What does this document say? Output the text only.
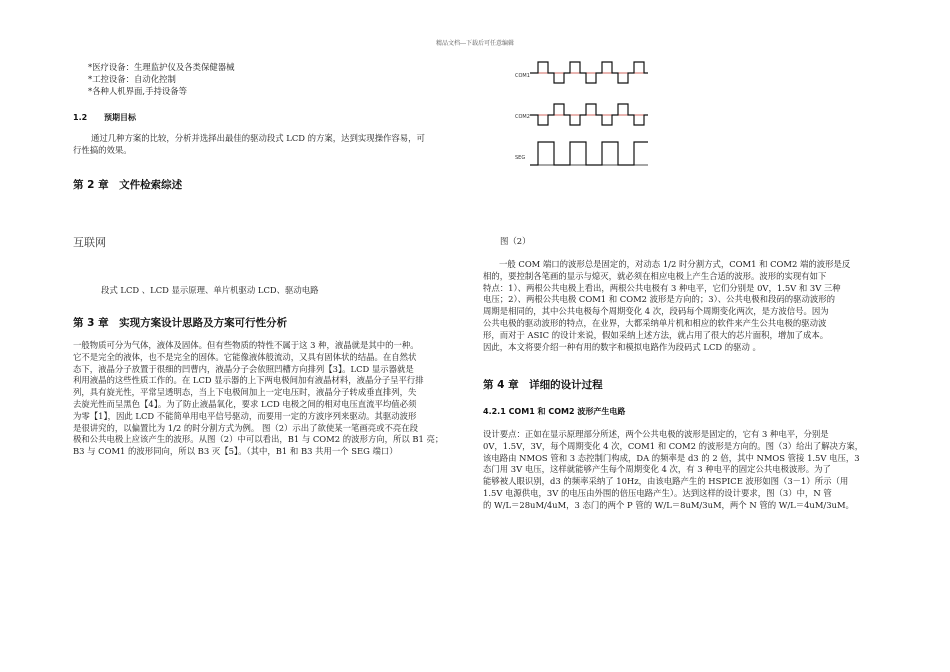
精品文档---下载后可任意编辑
*医疗设备：生理监护仪及各类保健器械
*工控设备：自动化控制
*各种人机界面,手持设备等
1.2 预期目标
通过几种方案的比较，分析并选择出最佳的驱动段式 LCD 的方案，达到实现操作容易，可
行性搞的效果。
第 2 章　文件检索综述
互联网
段式 LCD 、LCD 显示原理、单片机驱动 LCD、驱动电路
第 3 章　实现方案设计思路及方案可行性分析
一般物质可分为气体，液体及固体。但有些物质的特性不属于这 3 种，液晶就是其中的一种。
它不是完全的液体，也不是完全的固体。它能像液体般流动，又具有固体状的结晶。在自然状
态下，液晶分子放置于很细的凹曹内，液晶分子会依照凹槽方向排列【3】。LCD 显示器就是
利用液晶的这些性质工作的。在 LCD 显示器的上下两电极间加有液晶材料，液晶分子呈平行排
列，具有旋光性，平常呈透明态，当上下电极间加上一定电压时，液晶分子转成垂直排列，失
去旋光性而呈黑色【4】。为了防止液晶氧化，要求 LCD 电极之间的相对电压直流平均值必须
为零【1】，因此 LCD 不能简单用电平信号驱动，而要用一定的方波序列来驱动。其驱动波形
是很讲究的，以偏置比为 1/2 的时分割方式为例。 图（2）示出了欲使某一笔画亮或不亮在段
极和公共电极上应该产生的波形。从图（2）中可以看出，B1 与 COM2 的波形方向，所以 B1 亮；
B3 与 COM1 的波形同向，所以 B3 灭【5】。（其中，B1 和 B3 共用一个 SEG 端口）
COM1
COM2
SEG
图（2）
一般 COM 端口的波形总是固定的，对动态 1/2 时分割方式，COM1 和 COM2 端的波形是反
相的，要控制各笔画的显示与熄灭，就必须在相应电极上产生合适的波形。波形的实现有如下
特点：1）、两根公共电极上看出，两根公共电极有 3 种电平，它们分别是 0V，1.5V 和 3V 三种
电压；2）、两根公共电极 COM1 和 COM2 波形是方向的；3）、公共电极和段码的驱动波形的
周期是相同的，其中公共电极每个周期变化 4 次，段码每个周期变化两次，是方波信号。因为
公共电极的驱动波形的特点，在业界，大都采纳单片机和相应的软件来产生公共电极的驱动波
形，而对于 ASIC 的设计来说，假如采纳上述方法，就占用了很大的芯片面积，增加了成本。
因此，本文将要介绍一种有用的数字和模拟电路作为段码式 LCD 的驱动 。
第 4 章　详细的设计过程
4.2.1 COM1 和 COM2 波形产生电路
设计要点：正如在显示原理部分所述，两个公共电极的波形是固定的，它有 3 种电平，分别是
0V，1.5V，3V，每个周期变化 4 次，COM1 和 COM2 的波形是方向的。图（3）给出了解决方案，
该电路由 NMOS 管和 3 态控制门构成，DA 的频率是 d3 的 2 倍，其中 NMOS 管接 1.5V 电压，3
态门用 3V 电压，这样就能够产生每个周期变化 4 次，有 3 种电平的固定公共电极波形。为了
能够被人眼识别，d3 的频率采纳了 10Hz，由该电路产生的 HSPICE 波形如图（3－1）所示（用
1.5V 电源供电，3V 的电压由外围的倍压电路产生）。达到这样的设计要求，图（3）中，N 管
的 W/L＝28uM/4uM，3 态门的两个 P 管的 W/L＝8uM/3uM，两个 N 管的 W/L＝4uM/3uM。
